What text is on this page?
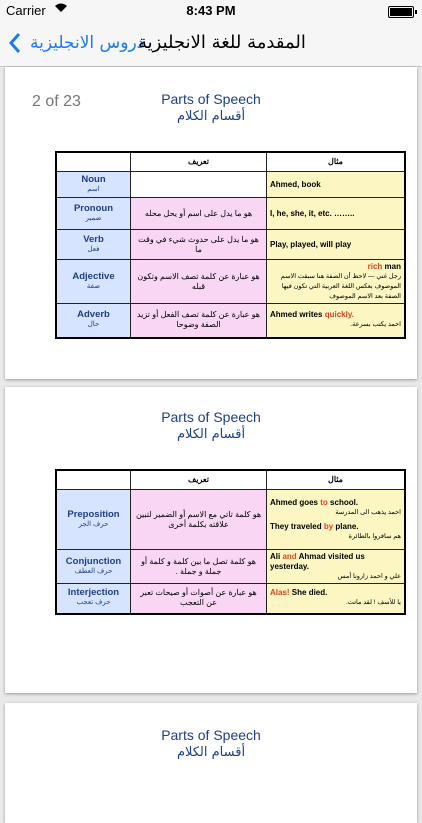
Carrier	8:43 PM
دروس الانجليزية
المقدمة للغة الانجليزية
2 of 23	Parts of Speech
أقسام الكلام
	تعريف	مثال

Noun
اسم		Ahmed, book

Pronoun
ضمير	هو ما يدل على اسم أو يحل محله	I, he, she, it, etc. ……..

Verb
فعل	هو ما يدل على حدوث شيء في وقت ما	Play, played, will play

Adjective
صفة	هو عبارة عن كلمة تصف الاسم وتكون قبله	rich man
رجل غني — لاحظ أن الصفة هنا سبقت الاسم الموصوف بعكس اللغة العربية التي تكون فيها الصفة بعد الاسم الموصوف

Adverb
حال	هو عبارة عن كلمة تصف الفعل أو تزيد الصفة وضوحا	Ahmed writes quickly.
احمد يكتب بسرعة.
Parts of Speech
أقسام الكلام
	تعريف	مثال

Preposition
حرف الجر	هو كلمة تاتي مع الاسم أو الضمير لتبين علاقته بكلمة أخرى	Ahmed goes to school.
احمد يذهب الى المدرسة
They traveled by plane.
هم سافروا بالطائرة

Conjunction
حرف العطف	هو كلمة تصل ما بين كلمة و كلمة أو جملة و جملة .	Ali and Ahmad visited us yesterday.
علي و احمد زارونا أمس

Interjection
حرف تعجب	هو عبارة عن أصوات أو صيحات تعبر عن التعجب	Alas! She died.
يا للأسف ! لقد ماتت.
Parts of Speech
أقسام الكلام
